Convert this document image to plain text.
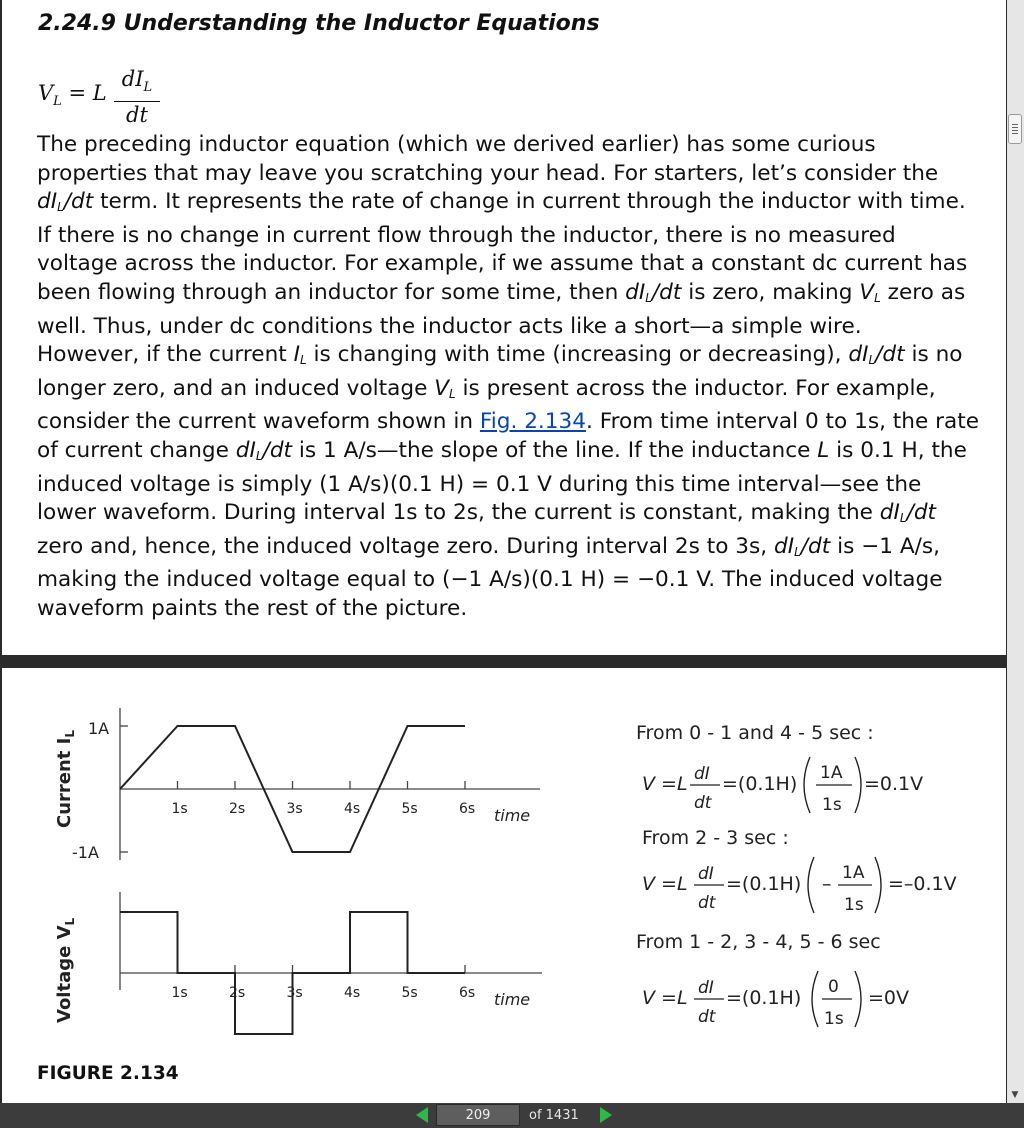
2.24.9 Understanding the Inductor Equations
$V_L = L$
$dI_L$
dt

The preceding inductor equation (which we derived earlier) has some curious properties that may leave you scratching your head. For starters, let’s consider the $dI_L/dt$ term. It represents the rate of change in current through the inductor with time. If there is no change in current flow through the inductor, there is no measured voltage across the inductor. For example, if we assume that a constant dc current has been flowing through an inductor for some time, then $dI_L/dt$ is zero, making $V_L$ zero as well. Thus, under dc conditions the inductor acts like a short—a simple wire.

However, if the current $I_L$ is changing with time (increasing or decreasing), $dI_L/dt$ is no longer zero, and an induced voltage $V_L$ is present across the inductor. For example, consider the current waveform shown in Fig. 2.134. From time interval 0 to 1s, the rate of current change $dI_L/dt$ is 1 A/s—the slope of the line. If the inductance L is 0.1 H, the induced voltage is simply (1 A/s)(0.1 H) = 0.1 V during this time interval—see the lower waveform. During interval 1s to 2s, the current is constant, making the $dI_L/dt$ zero and, hence, the induced voltage zero. During interval 2s to 3s, $dI_L/dt$ is −1 A/s, making the induced voltage equal to (−1 A/s)(0.1 H) = −0.1 V. The induced voltage waveform paints the rest of the picture.

1s	2s	3s	4s	5s	6s
1A
-1A
time
Current $I_L$
1s	2s	3s	4s	5s	6s time
Voltage $V_L$
From 0 - 1 and 4 - 5 sec :
V =L dI
dt
=(0.1H) 1A
1s
=0.1V
From 2 - 3 sec :
V =L dI
dt
=(0.1H) – 1A
1s
=–0.1V
From 1 - 2, 3 - 4, 5 - 6 sec
V =L dI
dt
=(0.1H) 0
1s
=0V
FIGURE 2.134
▼
209
of 1431
